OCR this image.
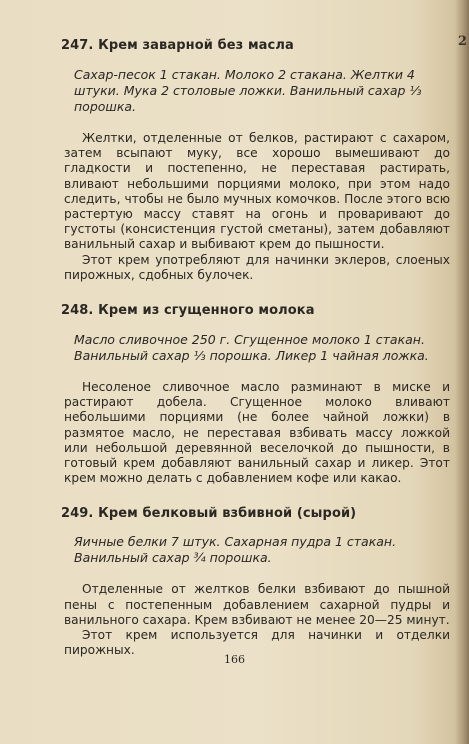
2
247. Крем заварной без масла
Сахар-песок 1 стакан. Молоко 2 стакана. Желтки 4 штуки. Мука 2 столовые ложки. Ванильный сахар ⅓ порошка.

Желтки, отделенные от белков, растирают с сахаром, затем всыпают муку, все хорошо вымешивают до гладкости и постепенно, не переставая растирать, вливают небольшими порциями молоко, при этом надо следить, чтобы не было мучных комочков. После этого всю растертую массу ставят на огонь и проваривают до густоты (консистенция густой сметаны), затем добавляют ванильный сахар и выбивают крем до пышности.

Этот крем употребляют для начинки эклеров, слоеных пирожных, сдобных булочек.

248. Крем из сгущенного молока
Масло сливочное 250 г. Сгущенное молоко 1 стакан. Ванильный сахар ⅓ порошка. Ликер 1 чайная ложка.

Несоленое сливочное масло разминают в миске и растирают добела. Сгущенное молоко вливают небольшими порциями (не более чайной ложки) в размятое масло, не переставая взбивать массу ложкой или небольшой деревянной веселочкой до пышности, в готовый крем добавляют ванильный сахар и ликер. Этот крем можно делать с добавлением кофе или какао.

249. Крем белковый взбивной (сырой)
Яичные белки 7 штук. Сахарная пудра 1 стакан. Ванильный сахар ¾ порошка.

Отделенные от желтков белки взбивают до пышной пены с постепенным добавлением сахарной пудры и ванильного сахара. Крем взбивают не менее 20—25 минут.

Этот крем используется для начинки и отделки пирожных.

166
